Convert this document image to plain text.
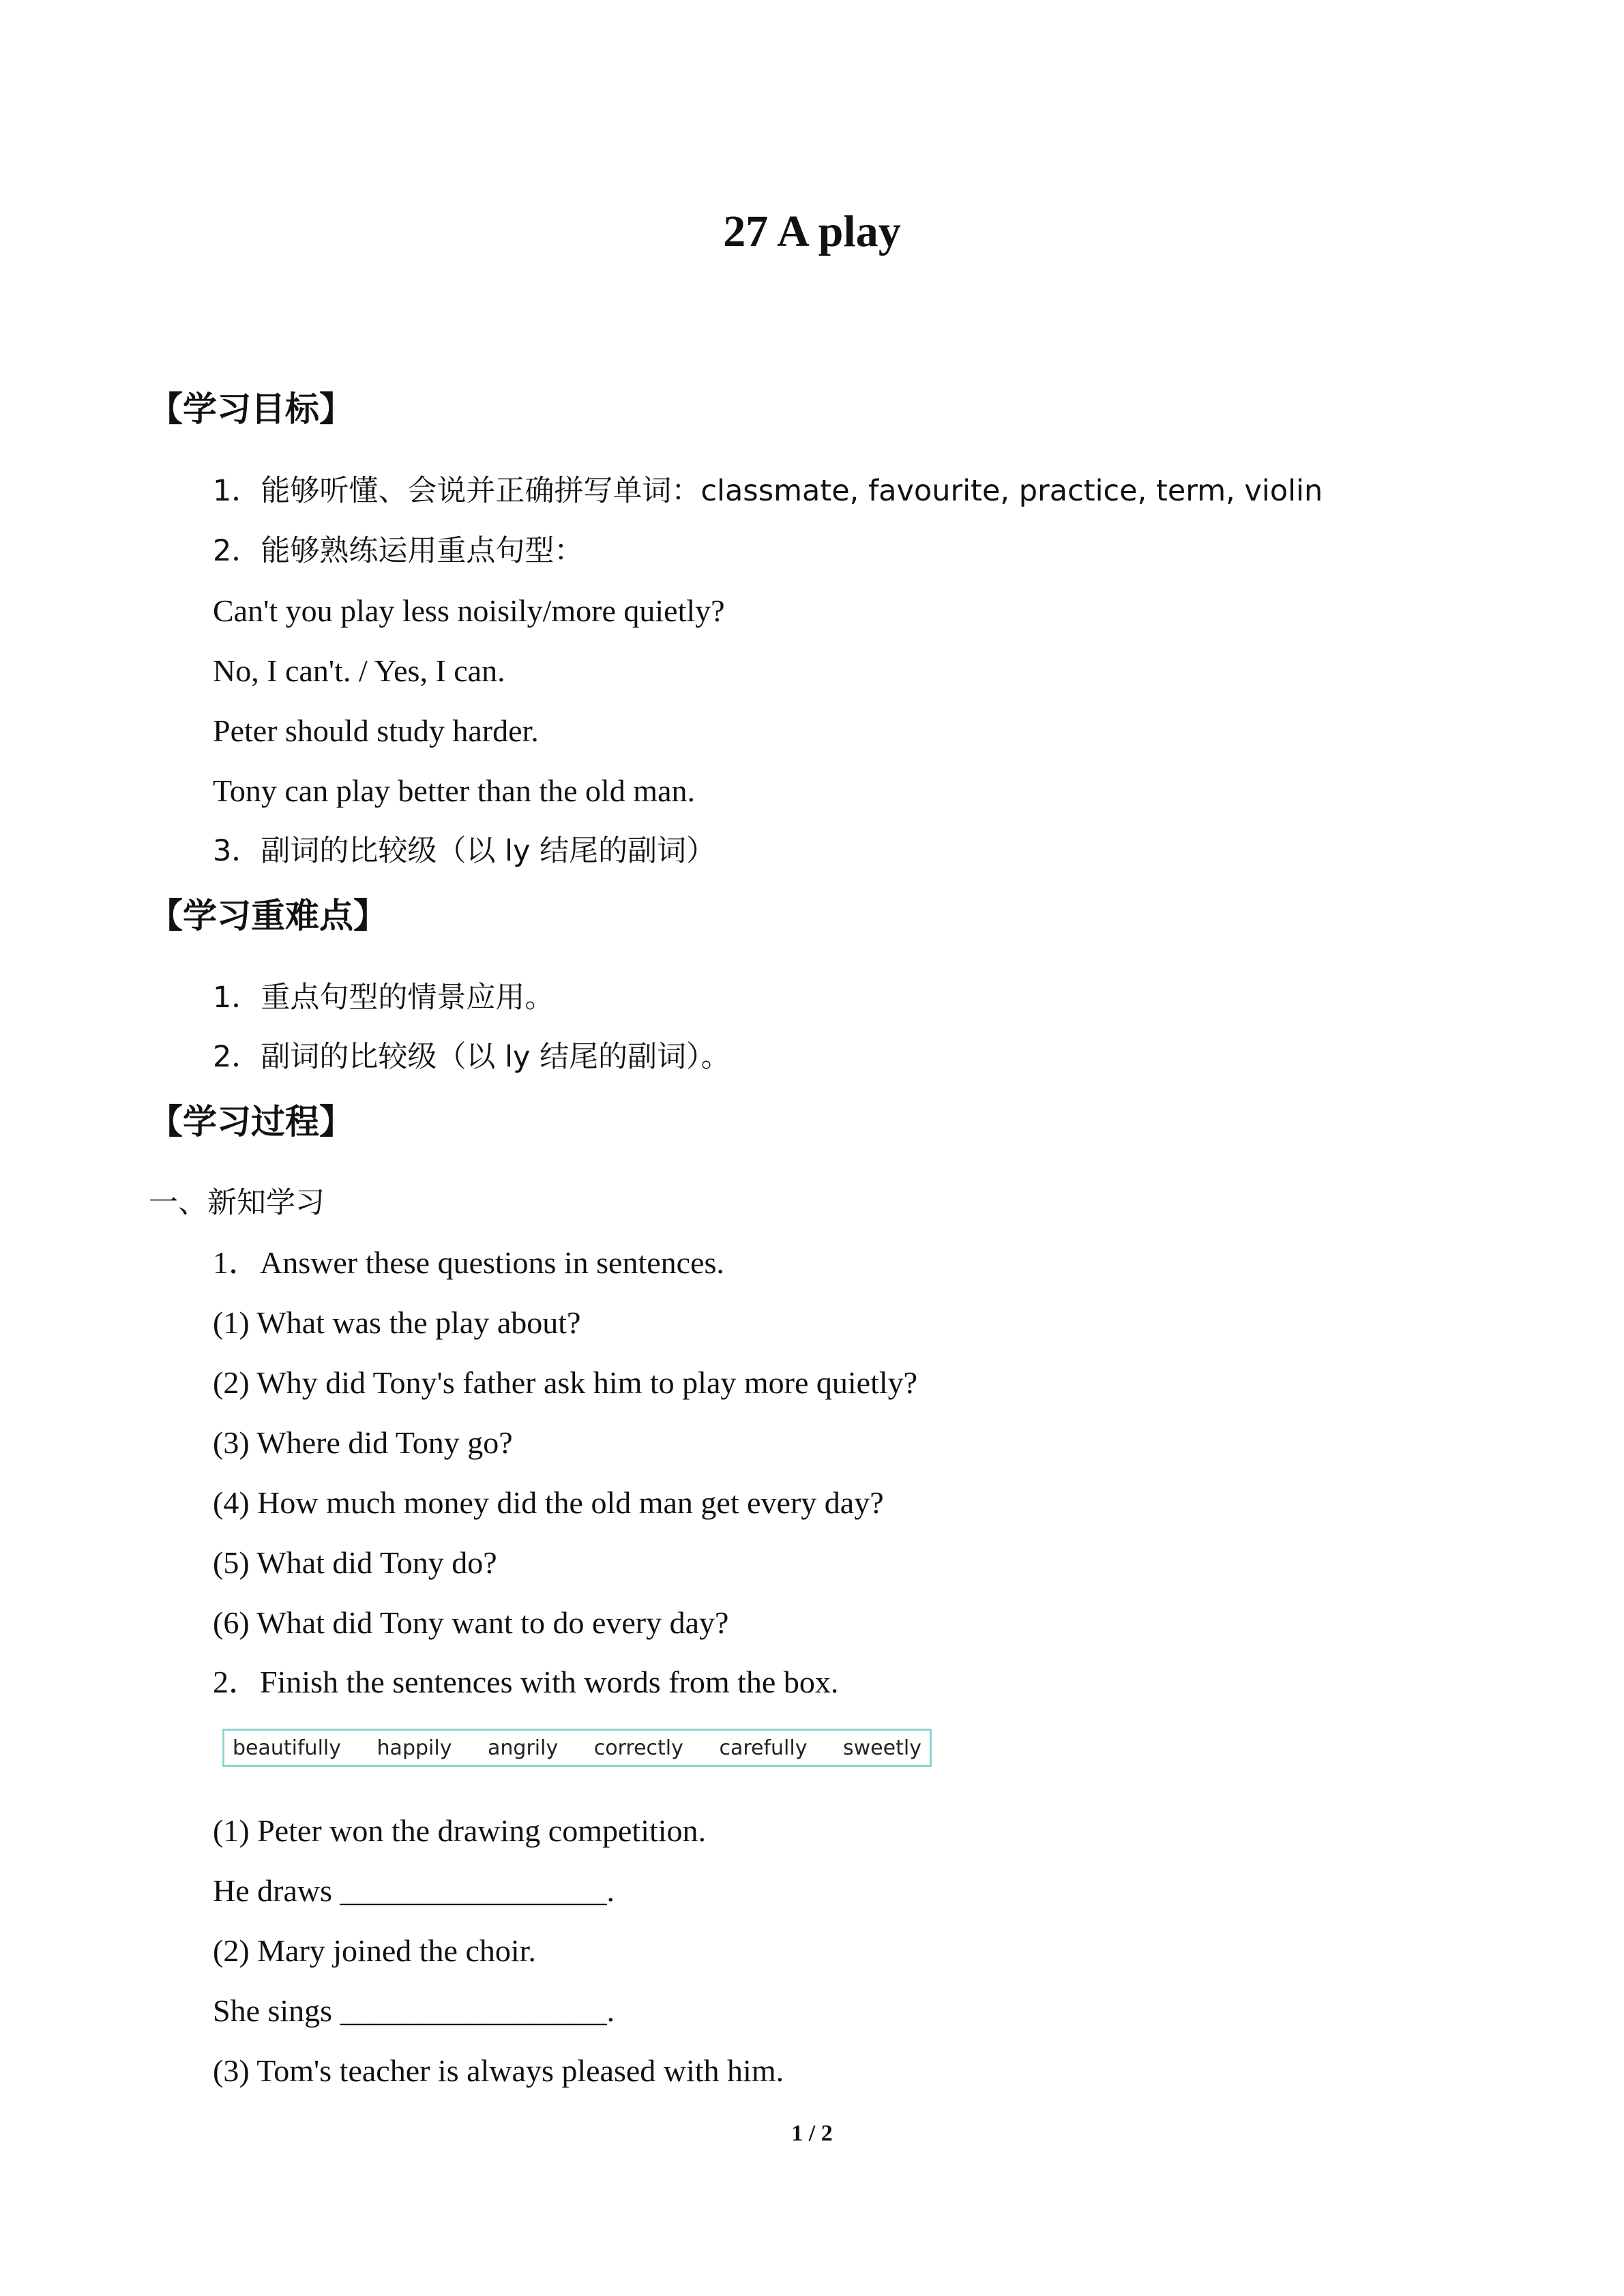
27 A play
【学习目标】
1．能够听懂、会说并正确拼写单词：classmate, favourite, practice, term, violin
2．能够熟练运用重点句型：
Can't you play less noisily/more quietly?
No, I can't. / Yes, I can.
Peter should study harder.
Tony can play better than the old man.
3．副词的比较级（以 ly 结尾的副词）
【学习重难点】
1．重点句型的情景应用。
2．副词的比较级（以 ly 结尾的副词）。
【学习过程】
一、新知学习
1．Answer these questions in sentences.
(1) What was the play about?
(2) Why did Tony's father ask him to play more quietly?
(3) Where did Tony go?
(4) How much money did the old man get every day?
(5) What did Tony do?
(6) What did Tony want to do every day?
2．Finish the sentences with words from the box.
beautifully happily angrily correctly carefully sweetly
(1) Peter won the drawing competition.
He draws _________________.
(2) Mary joined the choir.
She sings _________________.
(3) Tom's teacher is always pleased with him.
1 / 2
